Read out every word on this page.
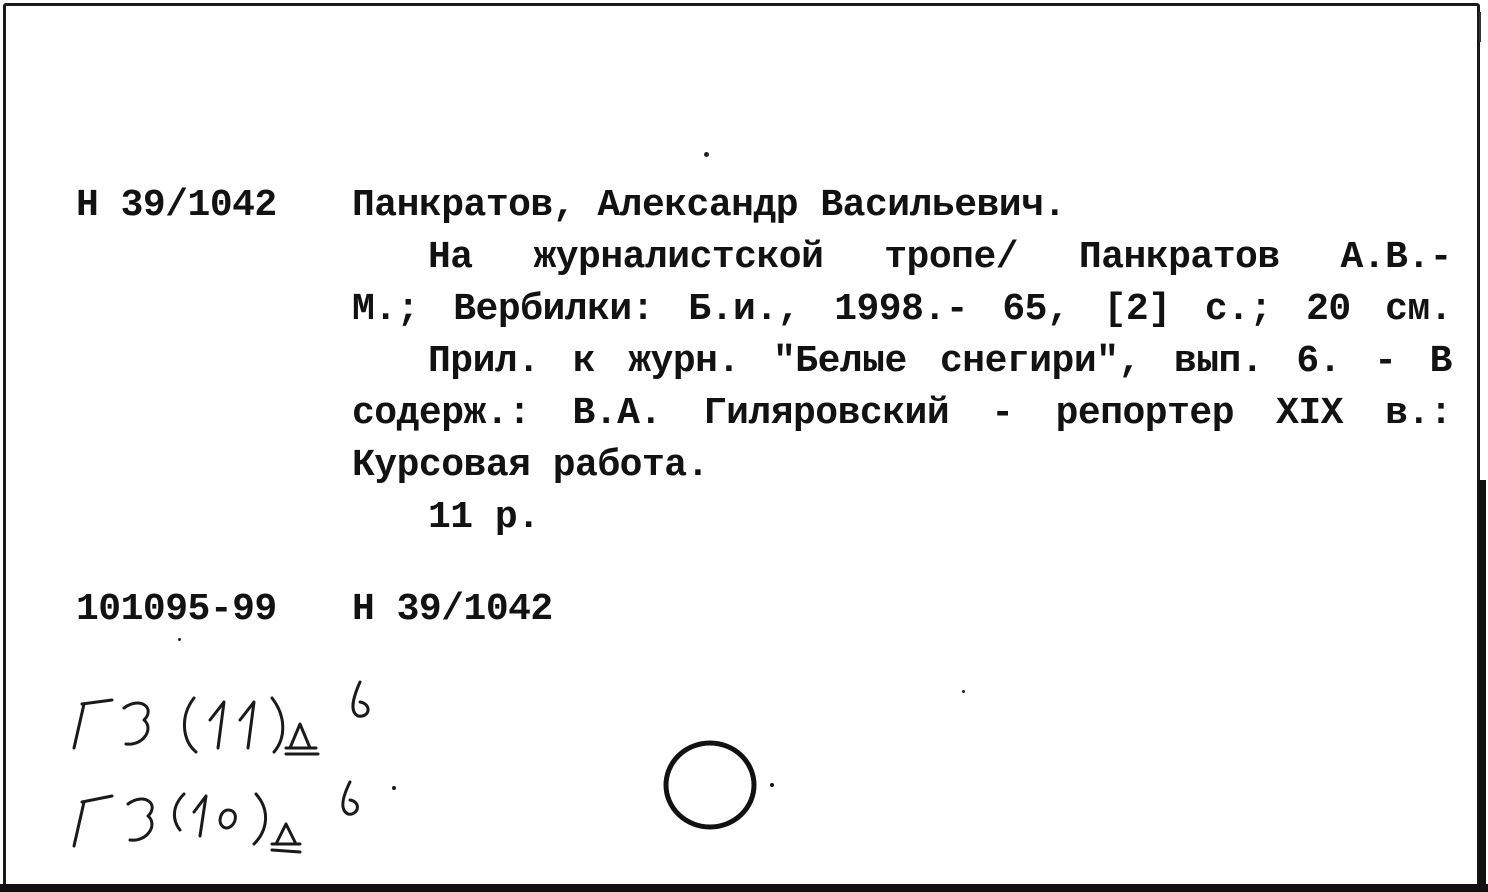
Н 39/1042 Панкратов, Александр Васильевич.
На журналистской тропе/ Панкратов А.В.-
М.; Вербилки: Б.и., 1998.- 65, [2] с.; 20 см.
Прил. к журн. "Белые снегири", вып. 6. - В
содерж.: В.А. Гиляровский - репортер XIX в.:
Курсовая работа.
11 р.
101095-99 Н 39/1042
